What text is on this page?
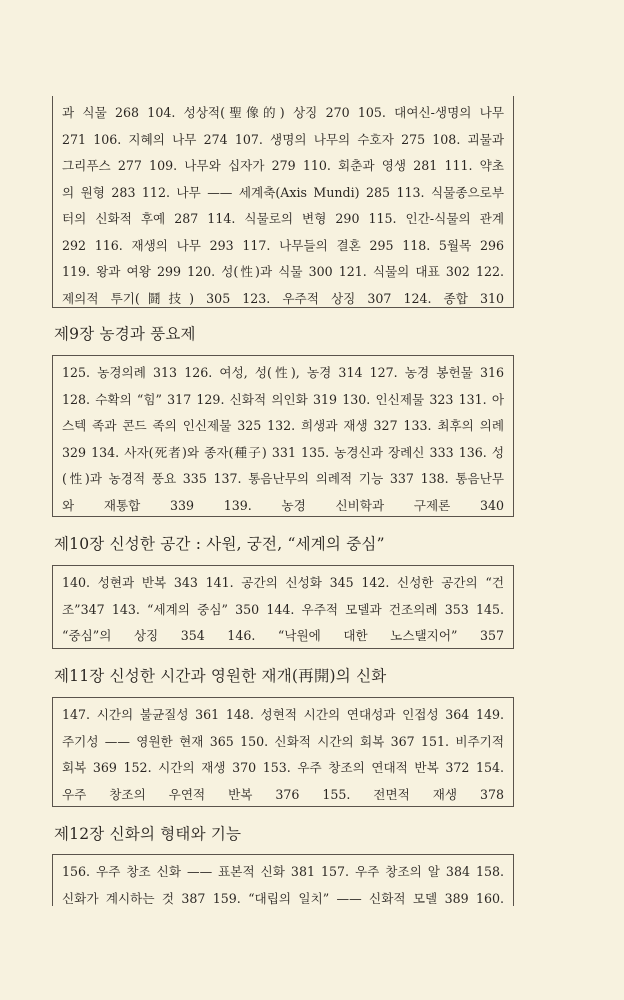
과 식물 268 104. 성상적(聖像的) 상징 270 105. 대여신-생명의 나무
271 106. 지혜의 나무 274 107. 생명의 나무의 수호자 275 108. 괴물과
그리푸스 277 109. 나무와 십자가 279 110. 회춘과 영생 281 111. 약초
의 원형 283 112. 나무 —— 세계축(Axis Mundi) 285 113. 식물종으로부
터의 신화적 후예 287 114. 식물로의 변형 290 115. 인간-식물의 관계
292 116. 재생의 나무 293 117. 나무들의 결혼 295 118. 5월목 296
119. 왕과 여왕 299 120. 성(性)과 식물 300 121. 식물의 대표 302 122.
제의적 투기(鬪技) 305 123. 우주적 상징 307 124. 종합 310
제9장 농경과 풍요제
125. 농경의례 313 126. 여성, 성(性), 농경 314 127. 농경 봉헌물 316
128. 수확의 “힘” 317 129. 신화적 의인화 319 130. 인신제물 323 131. 아
스텍 족과 콘드 족의 인신제물 325 132. 희생과 재생 327 133. 최후의 의례
329 134. 사자(死者)와 종자(種子) 331 135. 농경신과 장례신 333 136. 성
(性)과 농경적 풍요 335 137. 통음난무의 의례적 기능 337 138. 통음난무
와 재통합 339 139. 농경 신비학과 구제론 340
제10장 신성한 공간 : 사원, 궁전, “세계의 중심”
140. 성현과 반복 343 141. 공간의 신성화 345 142. 신성한 공간의 “건
조”347 143. “세계의 중심” 350 144. 우주적 모델과 건조의례 353 145.
“중심”의 상징 354 146. “낙원에 대한 노스탤지어” 357
제11장 신성한 시간과 영원한 재개(再開)의 신화
147. 시간의 불균질성 361 148. 성현적 시간의 연대성과 인접성 364 149.
주기성 —— 영원한 현재 365 150. 신화적 시간의 회복 367 151. 비주기적
회복 369 152. 시간의 재생 370 153. 우주 창조의 연대적 반복 372 154.
우주 창조의 우연적 반복 376 155. 전면적 재생 378
제12장 신화의 형태와 기능
156. 우주 창조 신화 —— 표본적 신화 381 157. 우주 창조의 알 384 158.
신화가 계시하는 것 387 159. “대립의 일치” —— 신화적 모델 389 160.
